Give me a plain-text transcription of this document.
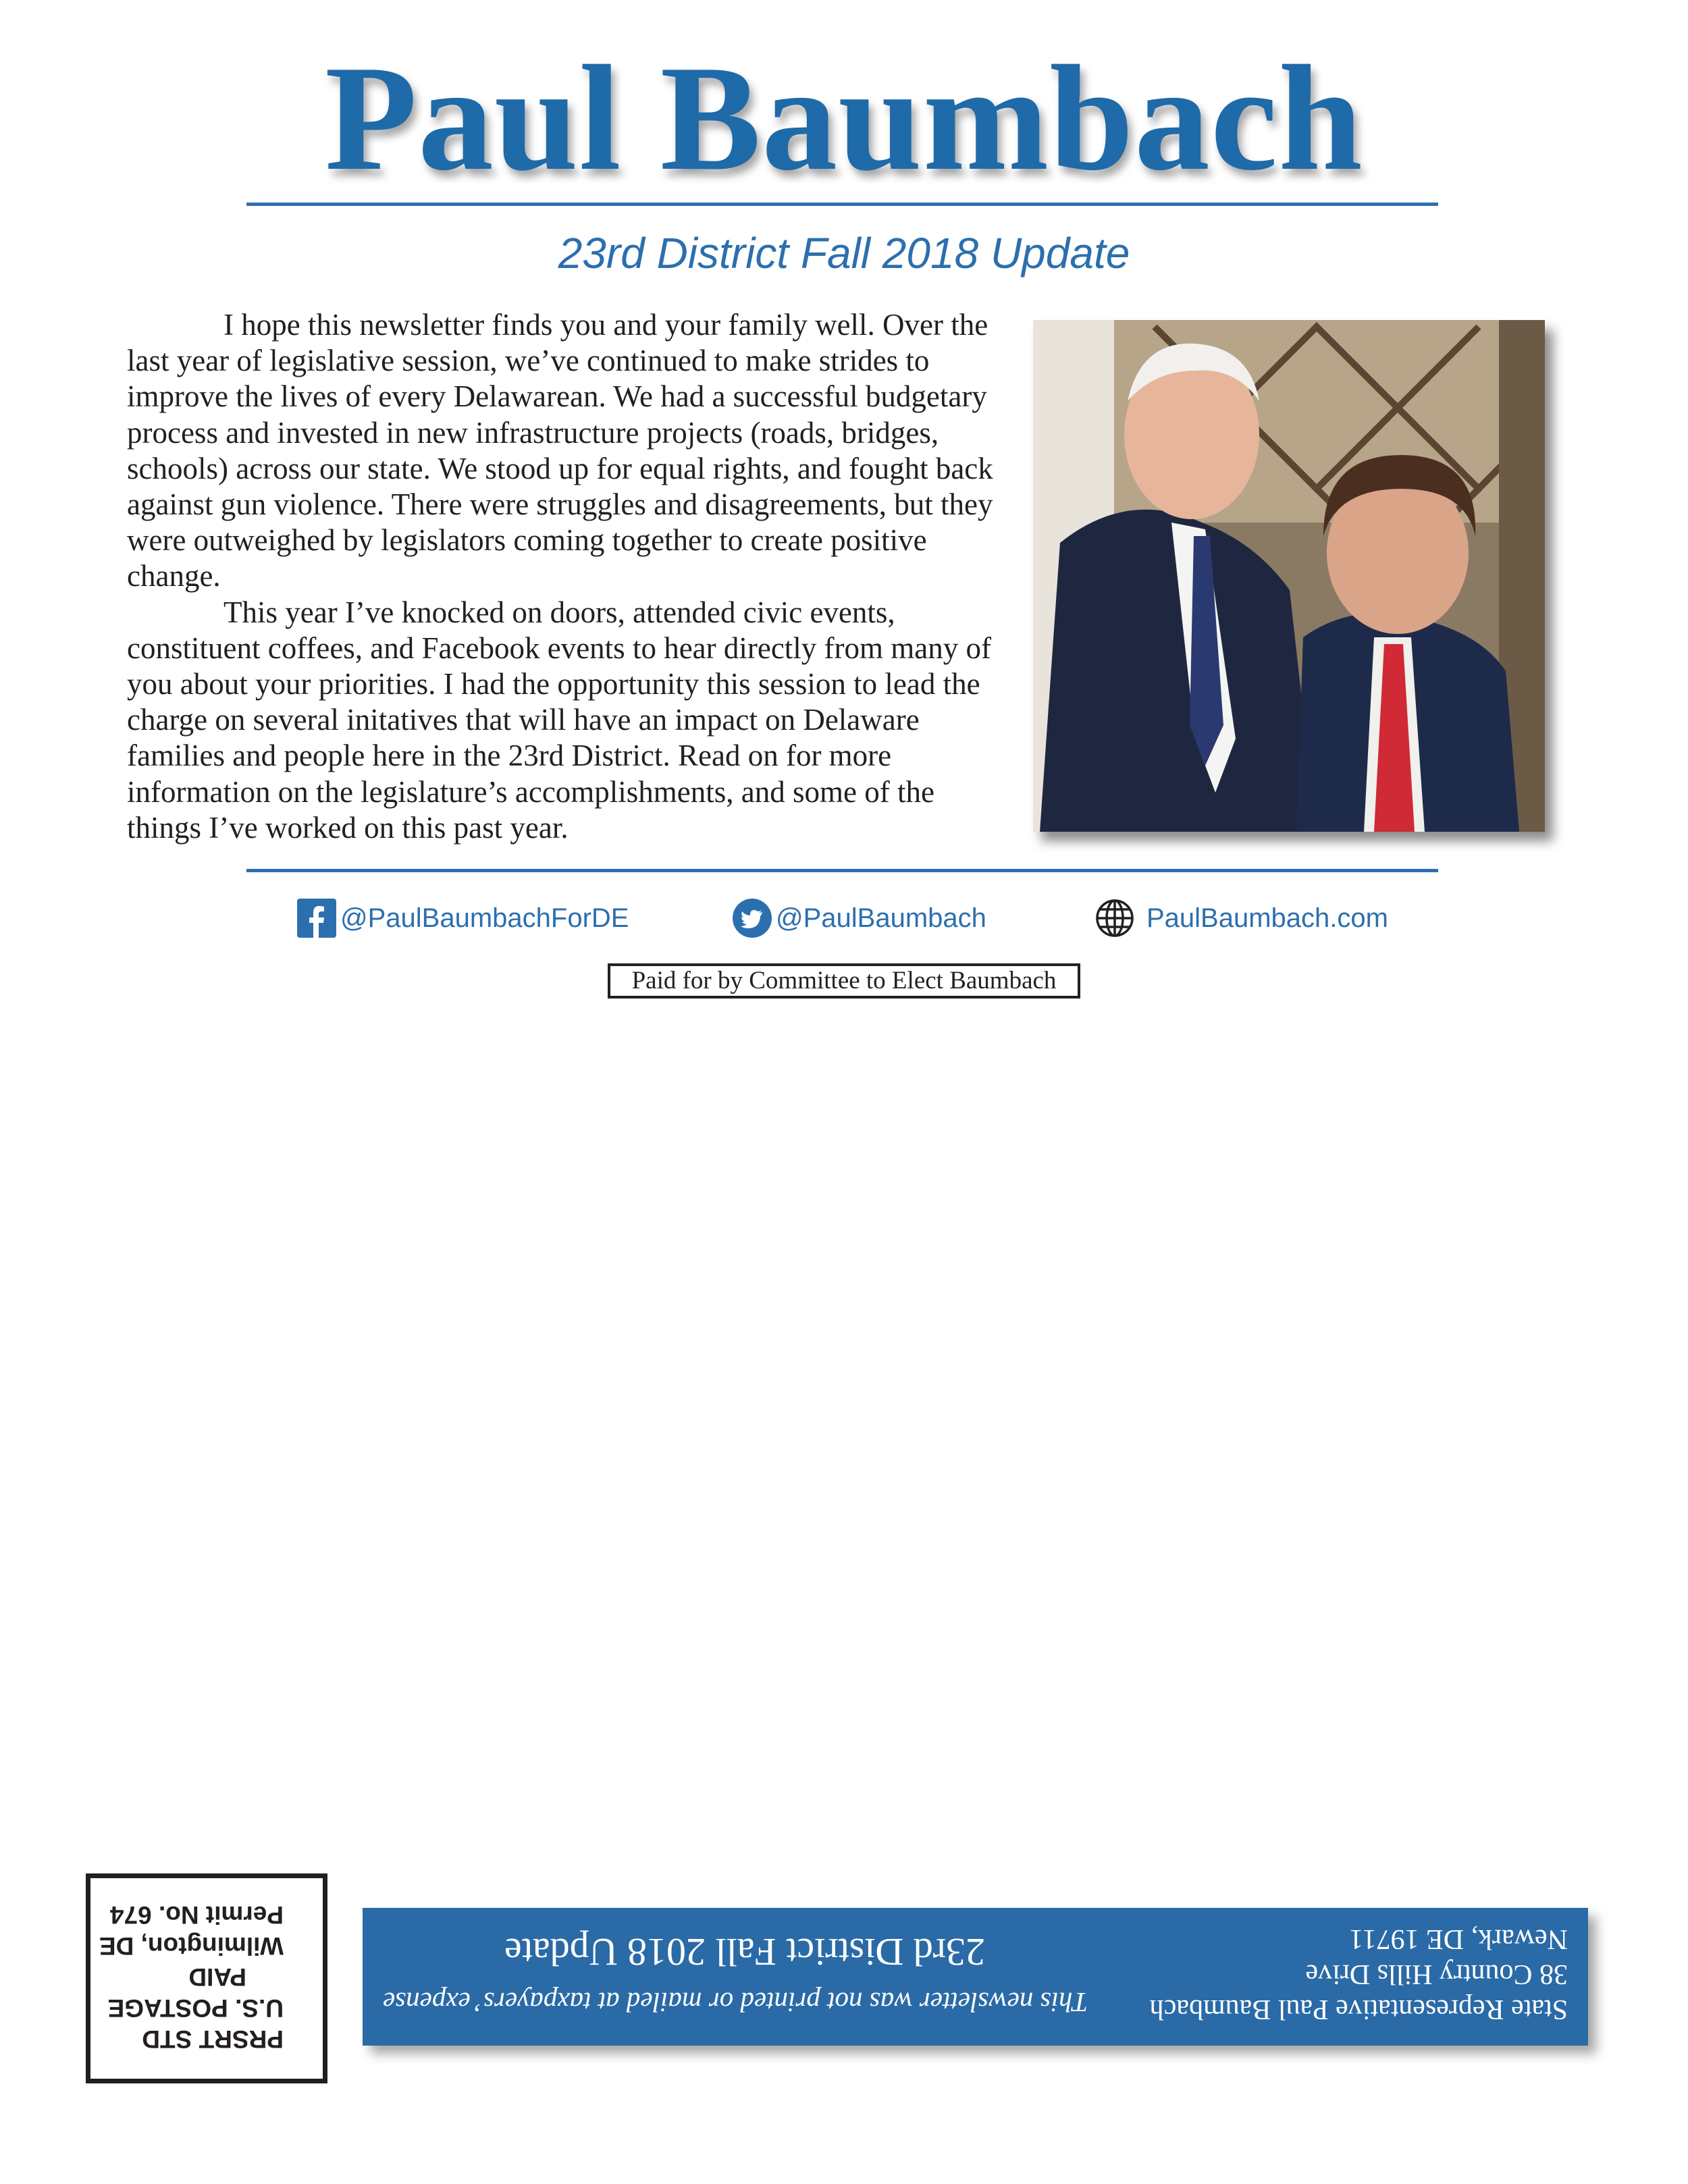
Paul Baumbach
23rd District Fall 2018 Update

I hope this newsletter finds you and your family well. Over the last year of legislative session, we’ve continued to make strides to improve the lives of every Delawarean. We had a successful budgetary process and invested in new infrastructure projects (roads, bridges, schools) across our state. We stood up for equal rights, and fought back against gun violence. There were struggles and disagreements, but they were outweighed by legislators coming together to create positive change.

This year I’ve knocked on doors, attended civic events, constituent coffees, and Facebook events to hear directly from many of you about your priorities. I had the opportunity this session to lead the charge on several initatives that will have an impact on Delaware families and people here in the 23rd District. Read on for more information on the legislature’s accomplishments, and some of the things I’ve worked on this past year.

@PaulBaumbachForDE	@PaulBaumbach	PaulBaumbach.com
Paid for by Committee to Elect Baumbach
PRSRT STD
U.S. POSTAGE
PAID
Wilmington, DE
Permit No. 674
State Representative Paul Baumbach
38 Country Hills Drive
Newark, DE 19711
This newsletter was not printed or mailed at taxpayers’ expense
23rd District Fall 2018 Update
